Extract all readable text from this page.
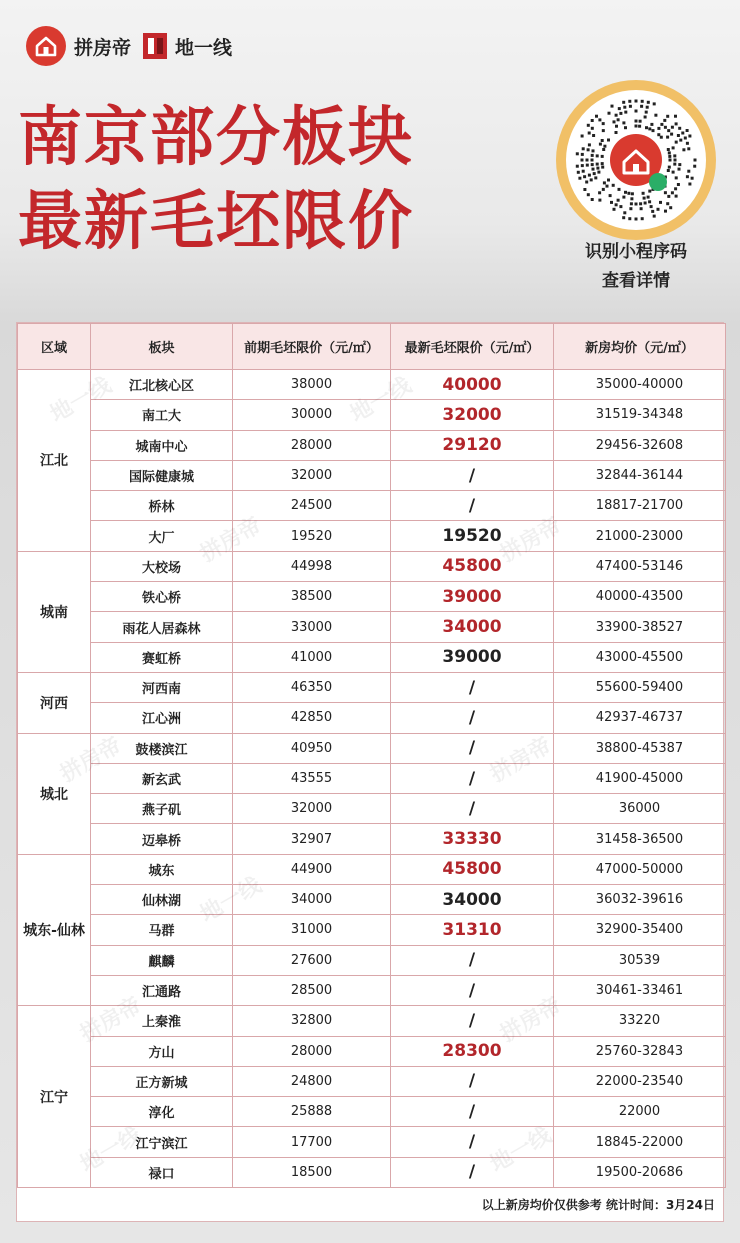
拼房帝 地一线
南京部分板块
最新毛坯限价	识别小程序码
查看详情
地一线	地一线
拼房帝	拼房帝
拼房帝	拼房帝
地一线
拼房帝	拼房帝
地一线	地一线
区域	板块	前期毛坯限价（元/㎡）	最新毛坯限价（元/㎡）	新房均价（元/㎡）
江北	江北核心区	38000	40000	35000-40000
	南工大	30000	32000	31519-34348
	城南中心	28000	29120	29456-32608
	国际健康城	32000	/	32844-36144
	桥林	24500	/	18817-21700
	大厂	19520	19520	21000-23000
城南	大校场	44998	45800	47400-53146
	铁心桥	38500	39000	40000-43500
	雨花人居森林	33000	34000	33900-38527
	赛虹桥	41000	39000	43000-45500
河西	河西南	46350	/	55600-59400
	江心洲	42850	/	42937-46737
城北	鼓楼滨江	40950	/	38800-45387
	新玄武	43555	/	41900-45000
	燕子矶	32000	/	36000
	迈皋桥	32907	33330	31458-36500
城东-仙林	城东	44900	45800	47000-50000
	仙林湖	34000	34000	36032-39616
	马群	31000	31310	32900-35400
	麒麟	27600	/	30539
	汇通路	28500	/	30461-33461
江宁	上秦淮	32800	/	33220
	方山	28000	28300	25760-32843
	正方新城	24800	/	22000-23540
	淳化	25888	/	22000
	江宁滨江	17700	/	18845-22000
	禄口	18500	/	19500-20686
以上新房均价仅供参考 统计时间：3月24日
